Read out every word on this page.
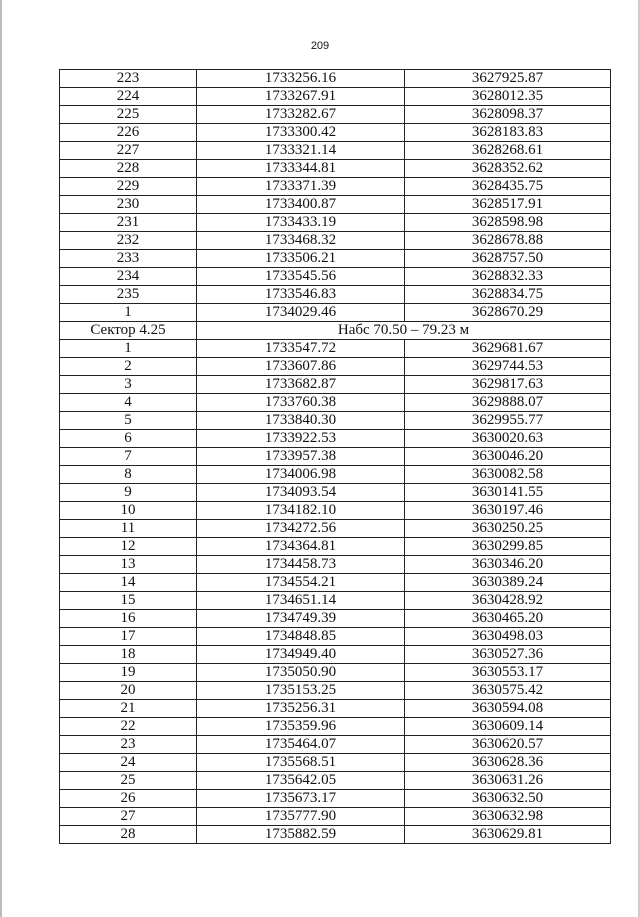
209
223	1733256.16	3627925.87
224	1733267.91	3628012.35
225	1733282.67	3628098.37
226	1733300.42	3628183.83
227	1733321.14	3628268.61
228	1733344.81	3628352.62
229	1733371.39	3628435.75
230	1733400.87	3628517.91
231	1733433.19	3628598.98
232	1733468.32	3628678.88
233	1733506.21	3628757.50
234	1733545.56	3628832.33
235	1733546.83	3628834.75
1	1734029.46	3628670.29
Сектор 4.25	Набс 70.50 – 79.23 м	
1	1733547.72	3629681.67
2	1733607.86	3629744.53
3	1733682.87	3629817.63
4	1733760.38	3629888.07
5	1733840.30	3629955.77
6	1733922.53	3630020.63
7	1733957.38	3630046.20
8	1734006.98	3630082.58
9	1734093.54	3630141.55
10	1734182.10	3630197.46
11	1734272.56	3630250.25
12	1734364.81	3630299.85
13	1734458.73	3630346.20
14	1734554.21	3630389.24
15	1734651.14	3630428.92
16	1734749.39	3630465.20
17	1734848.85	3630498.03
18	1734949.40	3630527.36
19	1735050.90	3630553.17
20	1735153.25	3630575.42
21	1735256.31	3630594.08
22	1735359.96	3630609.14
23	1735464.07	3630620.57
24	1735568.51	3630628.36
25	1735642.05	3630631.26
26	1735673.17	3630632.50
27	1735777.90	3630632.98
28	1735882.59	3630629.81
